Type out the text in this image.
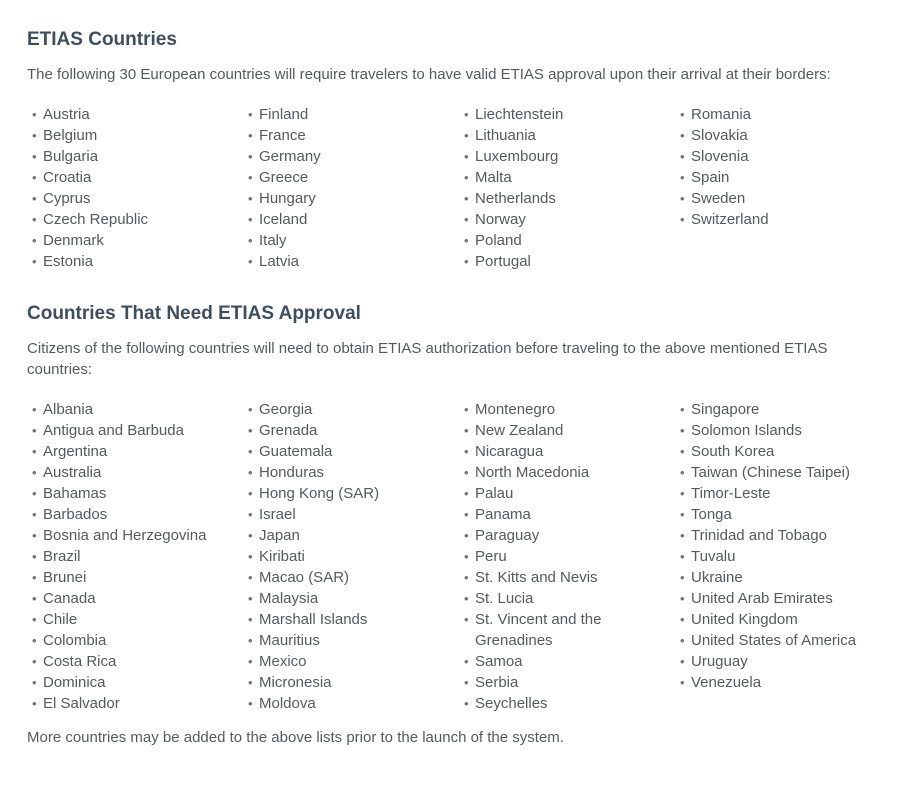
ETIAS Countries

The following 30 European countries will require travelers to have valid ETIAS approval upon their arrival at their borders:

• Austria
• Belgium
• Bulgaria
• Croatia
• Cyprus
• Czech Republic
• Denmark
• Estonia
• Finland
• France
• Germany
• Greece
• Hungary
• Iceland
• Italy
• Latvia
• Liechtenstein
• Lithuania
• Luxembourg
• Malta
• Netherlands
• Norway
• Poland
• Portugal
• Romania
• Slovakia
• Slovenia
• Spain
• Sweden
• Switzerland
Countries That Need ETIAS Approval

Citizens of the following countries will need to obtain ETIAS authorization before traveling to the above mentioned ETIAS countries:

• Albania
• Antigua and Barbuda
• Argentina
• Australia
• Bahamas
• Barbados
• Bosnia and Herzegovina
• Brazil
• Brunei
• Canada
• Chile
• Colombia
• Costa Rica
• Dominica
• El Salvador
• Georgia
• Grenada
• Guatemala
• Honduras
• Hong Kong (SAR)
• Israel
• Japan
• Kiribati
• Macao (SAR)
• Malaysia
• Marshall Islands
• Mauritius
• Mexico
• Micronesia
• Moldova
• Montenegro
• New Zealand
• Nicaragua
• North Macedonia
• Palau
• Panama
• Paraguay
• Peru
• St. Kitts and Nevis
• St. Lucia
• St. Vincent and the Grenadines
• Samoa
• Serbia
• Seychelles
• Singapore
• Solomon Islands
• South Korea
• Taiwan (Chinese Taipei)
• Timor-Leste
• Tonga
• Trinidad and Tobago
• Tuvalu
• Ukraine
• United Arab Emirates
• United Kingdom
• United States of America
• Uruguay
• Venezuela

More countries may be added to the above lists prior to the launch of the system.
